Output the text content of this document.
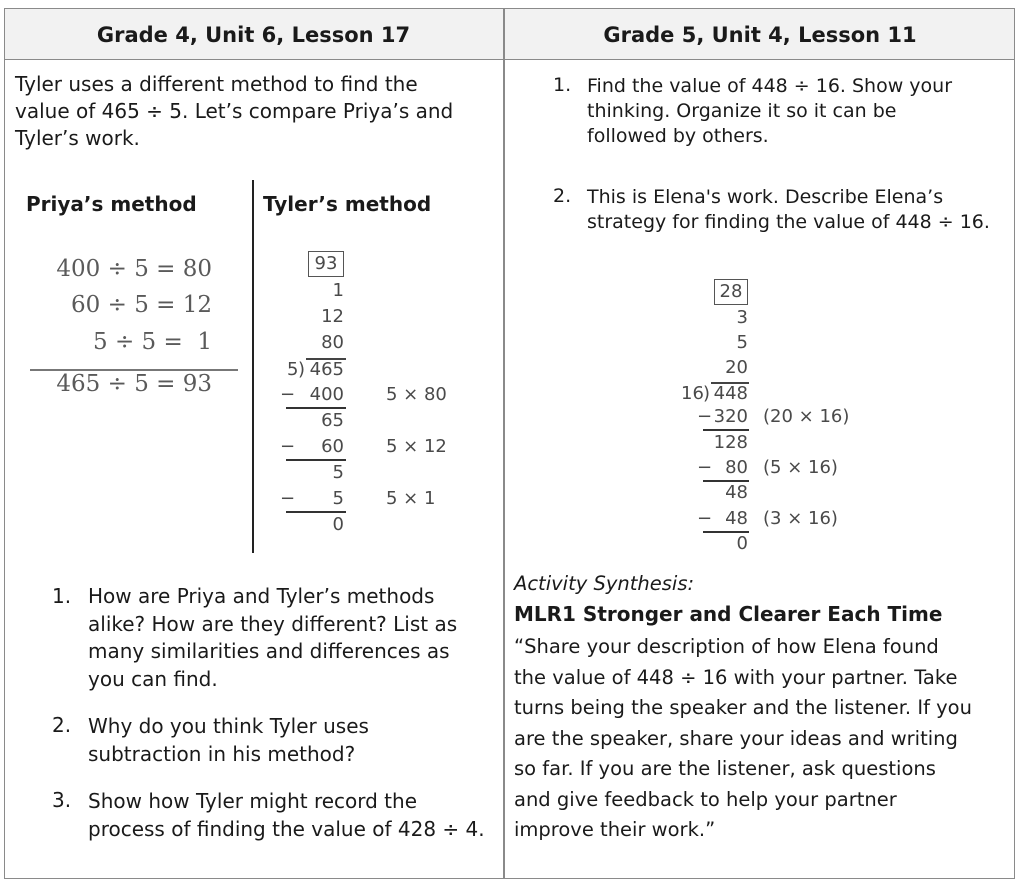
Grade 4, Unit 6, Lesson 17	Grade 5, Unit 4, Lesson 11
Tyler uses a different method to find the
value of 465 ÷ 5. Let’s compare Priya’s and
Tyler’s work.
Priya’s method	Tyler’s method
400 ÷ 5 = 80
60 ÷ 5 = 12
5 ÷ 5 =  1
465 ÷ 5 = 93
93
1
12
80
5 ) 465
− 400 5 × 80
65
−	60 5 × 12
5
−	5 5 × 1
0
1. How are Priya and Tyler’s methods
alike? How are they different? List as
many similarities and differences as
you can find.
2. Why do you think Tyler uses
subtraction in his method?
3. Show how Tyler might record the
process of finding the value of 428 ÷ 4.
1. Find the value of 448 ÷ 16. Show your
thinking. Organize it so it can be
followed by others.
2. This is Elena's work. Describe Elena’s
strategy for finding the value of 448 ÷ 16.
28
3
5
20
16 ) 448
− 320 (20 × 16)
128
− 80 (5 × 16)
48
− 48 (3 × 16)
0
Activity Synthesis:
MLR1 Stronger and Clearer Each Time
“Share your description of how Elena found
the value of 448 ÷ 16 with your partner. Take
turns being the speaker and the listener. If you
are the speaker, share your ideas and writing
so far. If you are the listener, ask questions
and give feedback to help your partner
improve their work.”
